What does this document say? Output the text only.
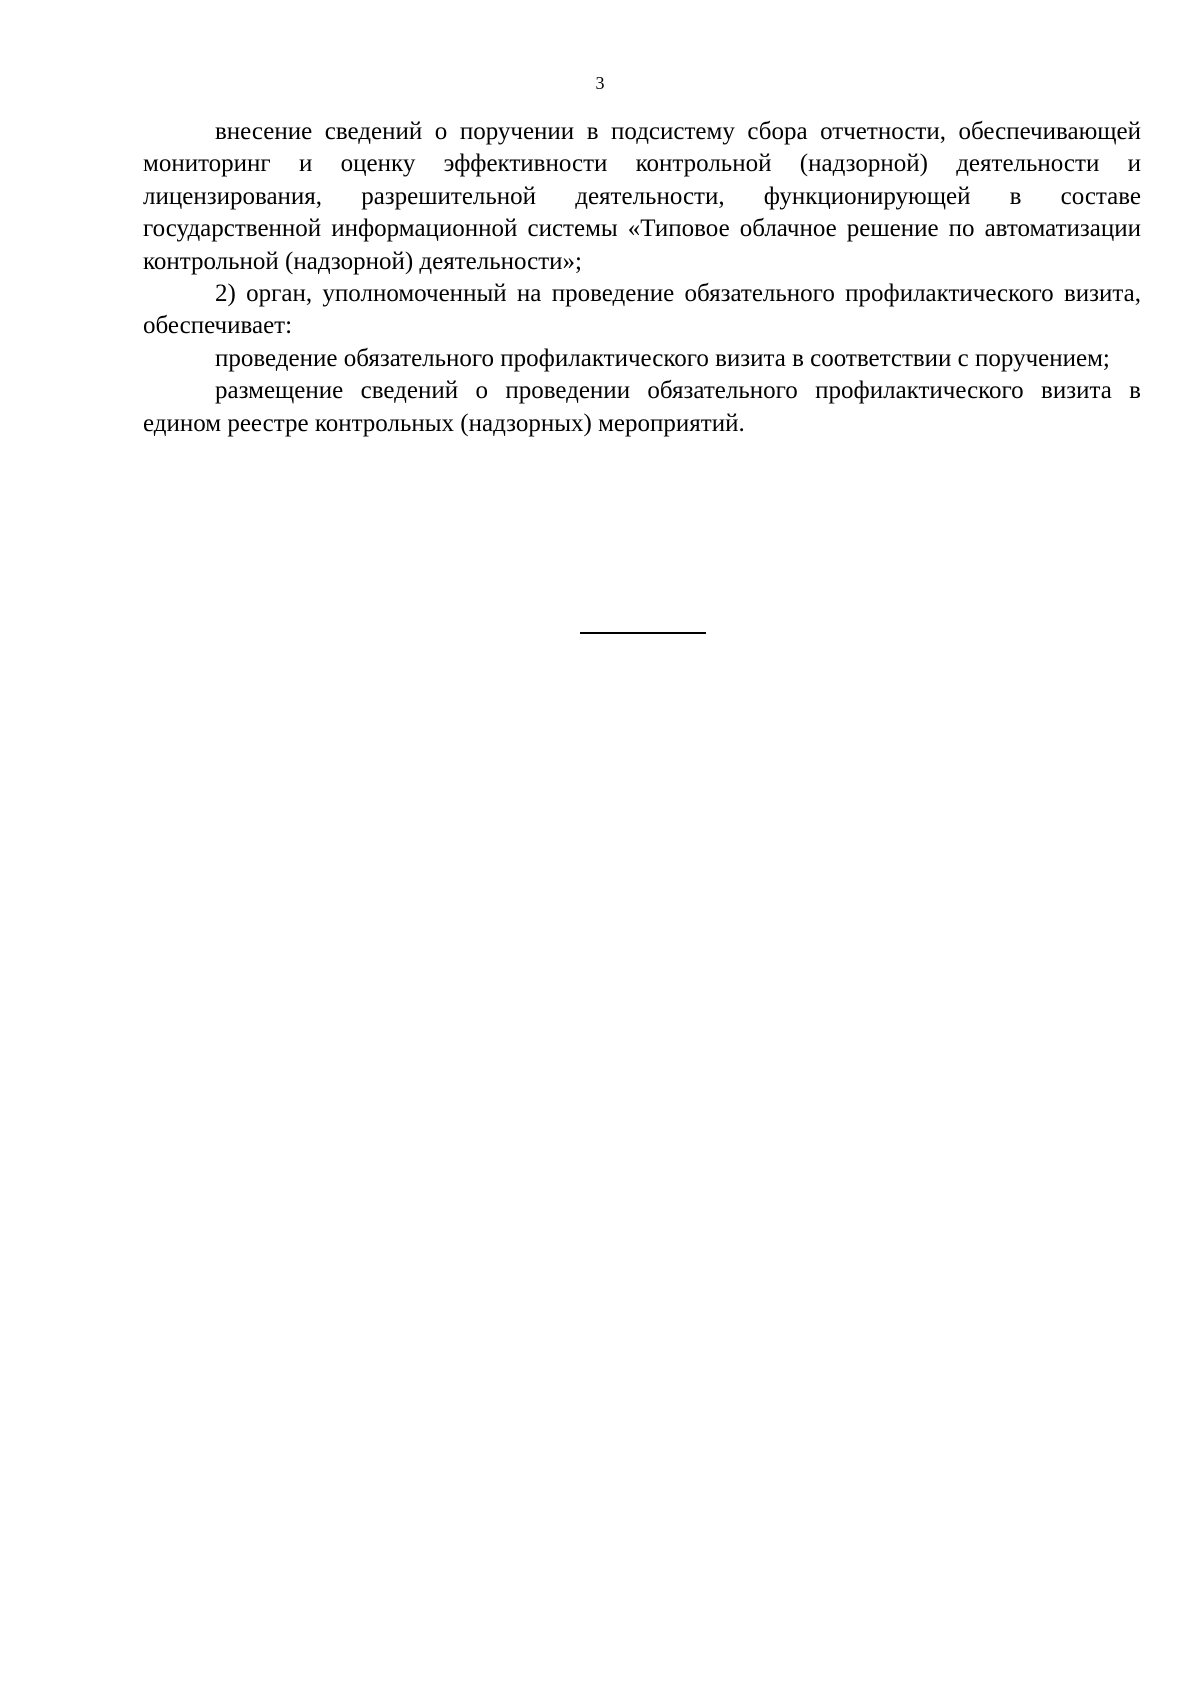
3

внесение сведений о поручении в подсистему сбора отчетности, обеспечивающей мониторинг и оценку эффективности контрольной (надзорной) деятельности и лицензирования, разрешительной деятельности, функционирующей в составе государственной информационной системы «Типовое облачное решение по автоматизации контрольной (надзорной) деятельности»;

2) орган, уполномоченный на проведение обязательного профилактического визита, обеспечивает:

проведение обязательного профилактического визита в соответствии с поручением;

размещение сведений о проведении обязательного профилактического визита в едином реестре контрольных (надзорных) мероприятий.
